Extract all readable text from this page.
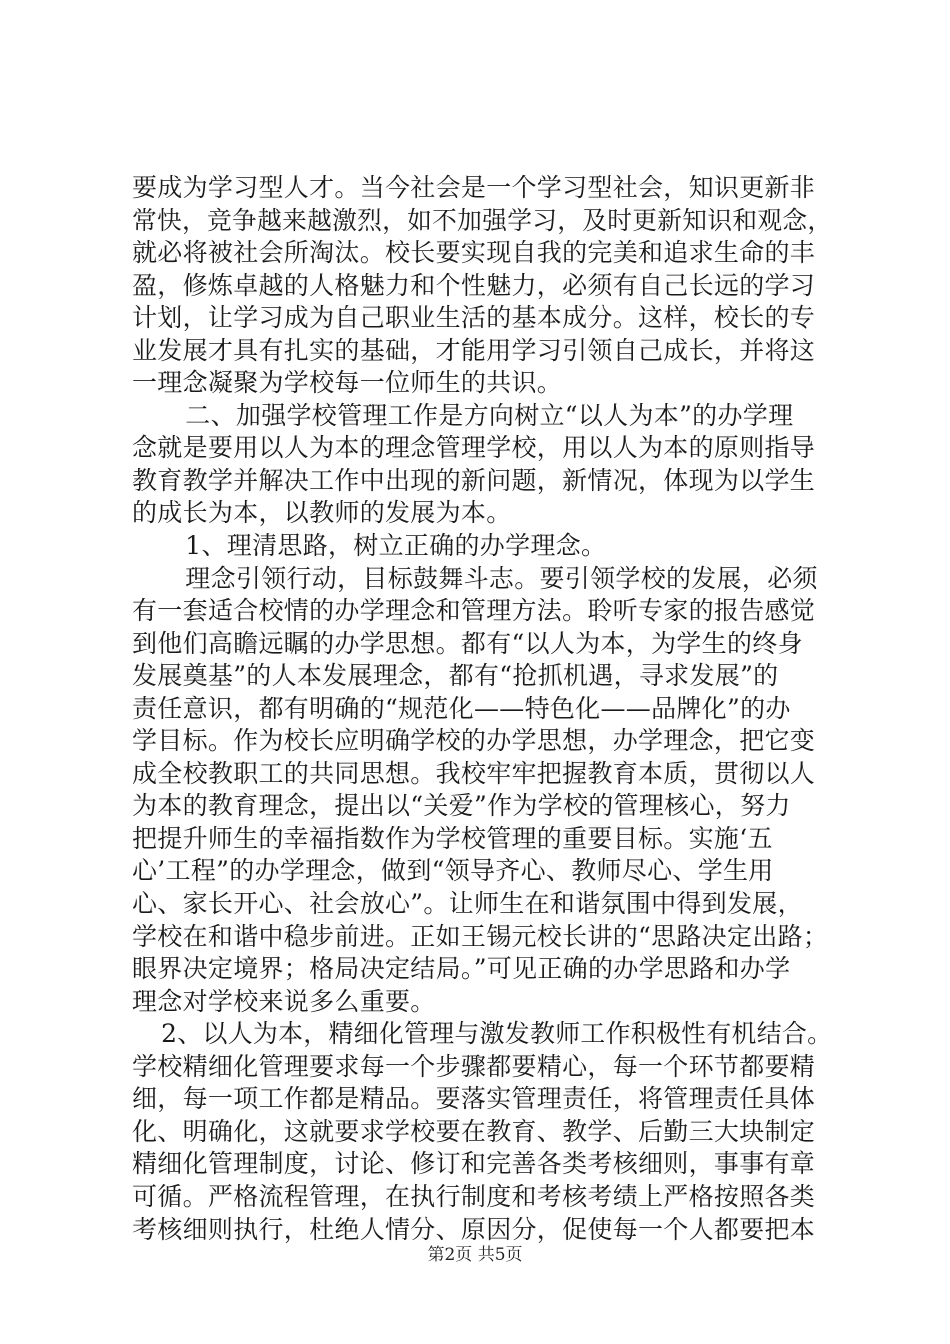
要成为学习型人才。当今社会是一个学习型社会，知识更新非
常快，竞争越来越激烈，如不加强学习，及时更新知识和观念，
就必将被社会所淘汰。校长要实现自我的完美和追求生命的丰
盈，修炼卓越的人格魅力和个性魅力，必须有自己长远的学习
计划，让学习成为自己职业生活的基本成分。这样，校长的专
业发展才具有扎实的基础，才能用学习引领自己成长，并将这
一理念凝聚为学校每一位师生的共识。
　二、加强学校管理工作是方向树立“以人为本”的办学理
念就是要用以人为本的理念管理学校，用以人为本的原则指导
教育教学并解决工作中出现的新问题，新情况，体现为以学生
的成长为本，以教师的发展为本。
　1、理清思路，树立正确的办学理念。
　理念引领行动，目标鼓舞斗志。要引领学校的发展，必须
有一套适合校情的办学理念和管理方法。聆听专家的报告感觉
到他们高瞻远瞩的办学思想。都有“以人为本，为学生的终身
发展奠基”的人本发展理念，都有“抢抓机遇，寻求发展”的
责任意识，都有明确的“规范化——特色化——品牌化”的办
学目标。作为校长应明确学校的办学思想，办学理念，把它变
成全校教职工的共同思想。我校牢牢把握教育本质，贯彻以人
为本的教育理念，提出以“关爱”作为学校的管理核心，努力
把提升师生的幸福指数作为学校管理的重要目标。实施‘五
心’工程”的办学理念，做到“领导齐心、教师尽心、学生用
心、家长开心、社会放心”。让师生在和谐氛围中得到发展，
学校在和谐中稳步前进。正如王锡元校长讲的“思路决定出路；
眼界决定境界；格局决定结局。”可见正确的办学思路和办学
理念对学校来说多么重要。
　2、以人为本，精细化管理与激发教师工作积极性有机结合。
学校精细化管理要求每一个步骤都要精心，每一个环节都要精
细，每一项工作都是精品。要落实管理责任，将管理责任具体
化、明确化，这就要求学校要在教育、教学、后勤三大块制定
精细化管理制度，讨论、修订和完善各类考核细则，事事有章
可循。严格流程管理，在执行制度和考核考绩上严格按照各类
考核细则执行，杜绝人情分、原因分，促使每一个人都要把本
第2页 共5页
